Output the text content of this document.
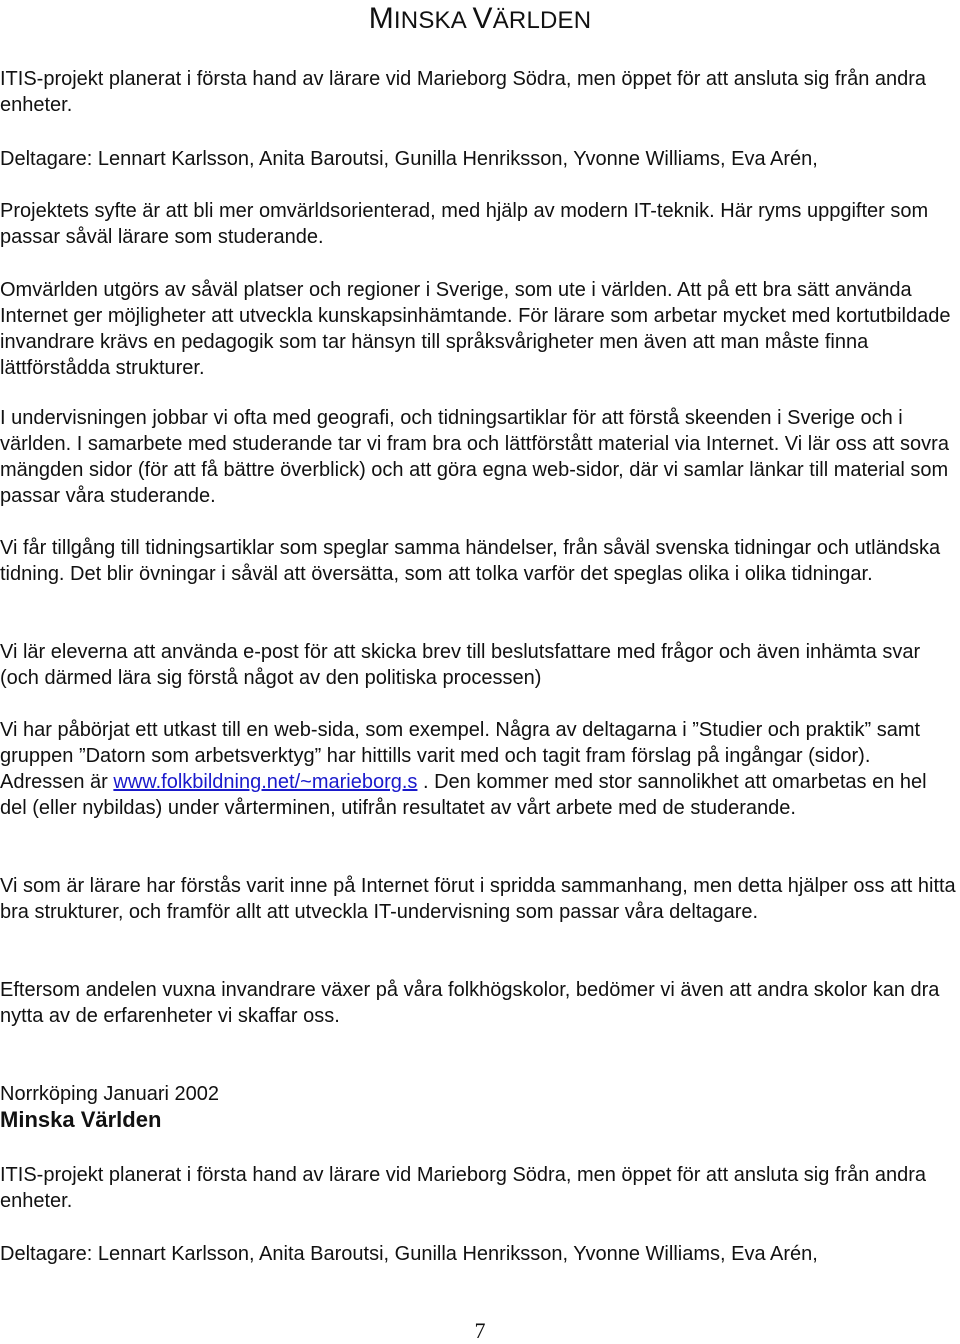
MINSKA VÄRLDEN

ITIS-projekt planerat i första hand av lärare vid Marieborg Södra, men öppet för att ansluta sig från andra enheter.

Deltagare: Lennart Karlsson, Anita Baroutsi, Gunilla Henriksson, Yvonne Williams, Eva Arén,

Projektets syfte är att bli mer omvärldsorienterad, med hjälp av modern IT-teknik. Här ryms uppgifter som passar såväl lärare som studerande.

Omvärlden utgörs av såväl platser och regioner i Sverige, som ute i världen. Att på ett bra sätt använda Internet ger möjligheter att utveckla kunskapsinhämtande. För lärare som arbetar mycket med kortutbildade invandrare krävs en pedagogik som tar hänsyn till språksvårigheter men även att man måste finna lättförstådda strukturer.

I undervisningen jobbar vi ofta med geografi, och tidningsartiklar för att förstå skeenden i Sverige och i världen. I samarbete med studerande tar vi fram bra och lättförstått material via Internet. Vi lär oss att sovra mängden sidor (för att få bättre överblick) och att göra egna web-sidor, där vi samlar länkar till material som passar våra studerande.

Vi får tillgång till tidningsartiklar som speglar samma händelser, från såväl svenska tidningar och utländska tidning. Det blir övningar i såväl att översätta, som att tolka varför det speglas olika i olika tidningar.

Vi lär eleverna att använda e-post för att skicka brev till beslutsfattare med frågor och även inhämta svar (och därmed lära sig förstå något av den politiska processen)

Vi har påbörjat ett utkast till en web-sida, som exempel. Några av deltagarna i ”Studier och praktik” samt gruppen ”Datorn som arbetsverktyg” har hittills varit med och tagit fram förslag på ingångar (sidor). Adressen är www.folkbildning.net/~marieborg.s . Den kommer med stor sannolikhet att omarbetas en hel del (eller nybildas) under vårterminen, utifrån resultatet av vårt arbete med de studerande.

Vi som är lärare har förstås varit inne på Internet förut i spridda sammanhang, men detta hjälper oss att hitta bra strukturer, och framför allt att utveckla IT-undervisning som passar våra deltagare.

Eftersom andelen vuxna invandrare växer på våra folkhögskolor, bedömer vi även att andra skolor kan dra nytta av de erfarenheter vi skaffar oss.

Norrköping Januari 2002

Minska Världen

ITIS-projekt planerat i första hand av lärare vid Marieborg Södra, men öppet för att ansluta sig från andra enheter.

Deltagare: Lennart Karlsson, Anita Baroutsi, Gunilla Henriksson, Yvonne Williams, Eva Arén,

7
